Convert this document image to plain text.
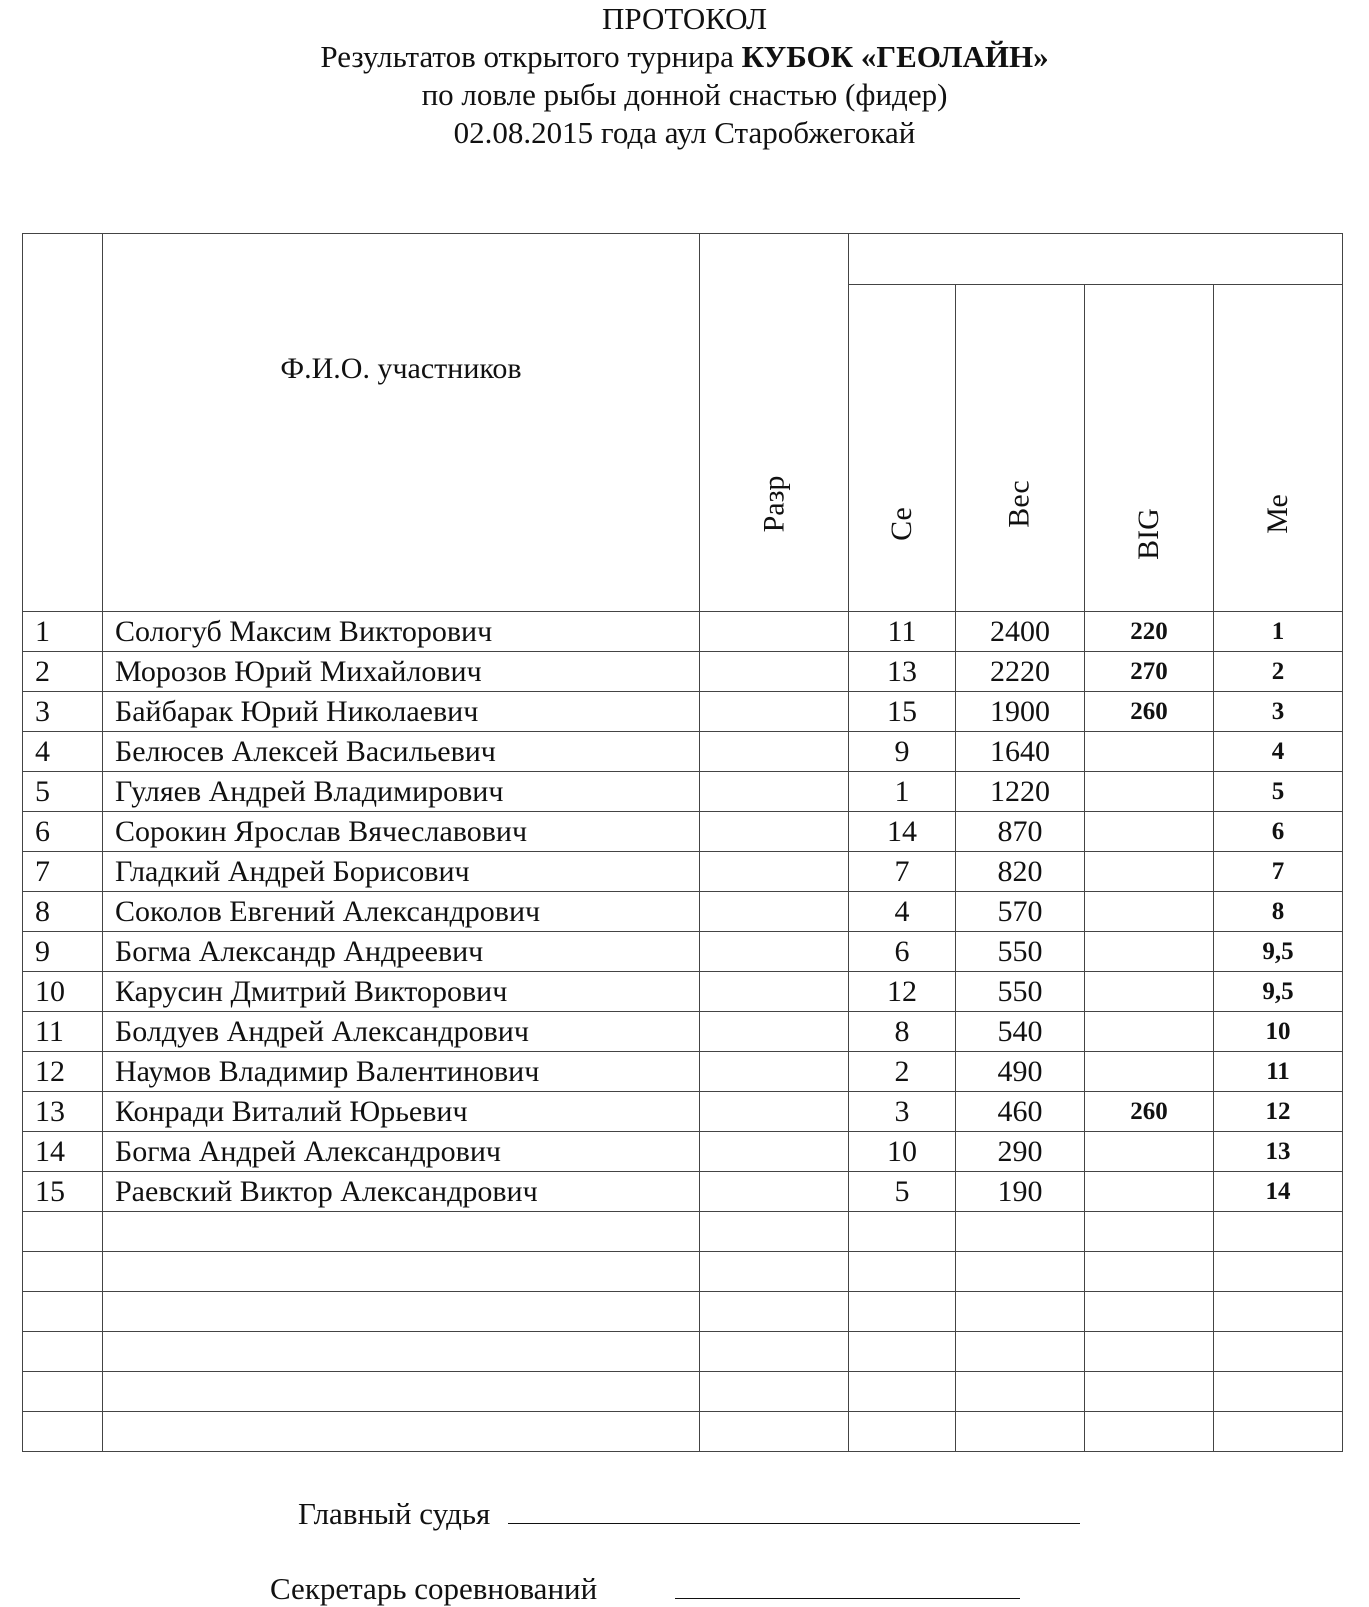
ПРОТОКОЛ
Результатов открытого турнира КУБОК «ГЕОЛАЙН»
по ловле рыбы донной снастью (фидер)
02.08.2015 года аул Старобжегокай
	Ф.И.О. участников	Разр				
			Се	Вес	BIG	Ме
1	Сологуб Максим Викторович		11	2400	220	1
2	Морозов Юрий Михайлович		13	2220	270	2
3	Байбарак Юрий Николаевич		15	1900	260	3
4	Белюсев Алексей Васильевич		9	1640		4
5	Гуляев Андрей Владимирович		1	1220		5
6	Сорокин Ярослав Вячеславович		14	870		6
7	Гладкий Андрей Борисович		7	820		7
8	Соколов Евгений Александрович		4	570		8
9	Богма Александр Андреевич		6	550		9,5
10	Карусин Дмитрий Викторович		12	550		9,5
11	Болдуев Андрей Александрович		8	540		10
12	Наумов Владимир Валентинович		2	490		11
13	Конради Виталий Юрьевич		3	460	260	12
14	Богма Андрей Александрович		10	290		13
15	Раевский Виктор Александрович		5	190		14

Главный судья
Секретарь соревнований
